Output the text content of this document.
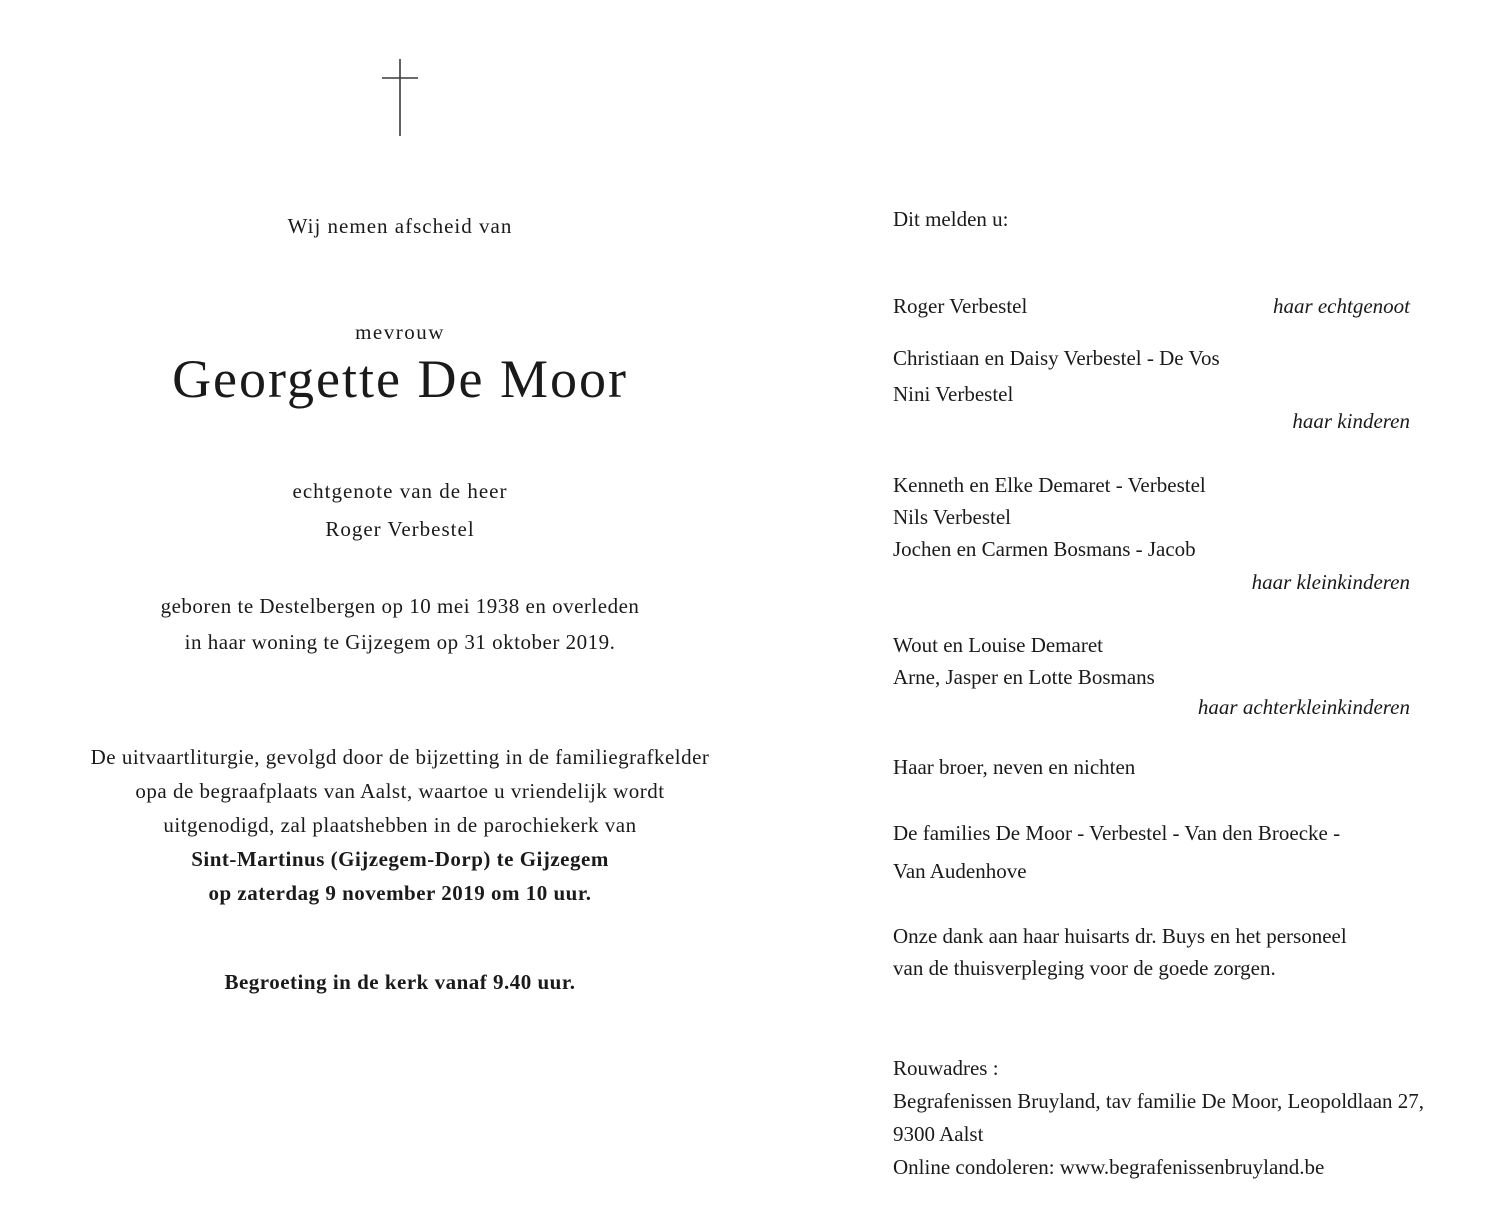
Wij nemen afscheid van
mevrouw
Georgette De Moor
echtgenote van de heer
Roger Verbestel
geboren te Destelbergen op 10 mei 1938 en overleden
in haar woning te Gijzegem op 31 oktober 2019.
De uitvaartliturgie, gevolgd door de bijzetting in de familiegrafkelder
opa de begraafplaats van Aalst, waartoe u vriendelijk wordt
uitgenodigd, zal plaatshebben in de parochiekerk van
Sint-Martinus (Gijzegem-Dorp) te Gijzegem
op zaterdag 9 november 2019 om 10 uur.
Begroeting in de kerk vanaf 9.40 uur.
Dit melden u:
Roger Verbestel	haar echtgenoot
Christiaan en Daisy Verbestel - De Vos
Nini Verbestel
haar kinderen
Kenneth en Elke Demaret - Verbestel
Nils Verbestel
Jochen en Carmen Bosmans - Jacob
haar kleinkinderen
Wout en Louise Demaret
Arne, Jasper en Lotte Bosmans
haar achterkleinkinderen
Haar broer, neven en nichten
De families De Moor - Verbestel - Van den Broecke -
Van Audenhove
Onze dank aan haar huisarts dr. Buys en het personeel
van de thuisverpleging voor de goede zorgen.
Rouwadres :
Begrafenissen Bruyland, tav familie De Moor, Leopoldlaan 27,
9300 Aalst
Online condoleren: www.begrafenissenbruyland.be
